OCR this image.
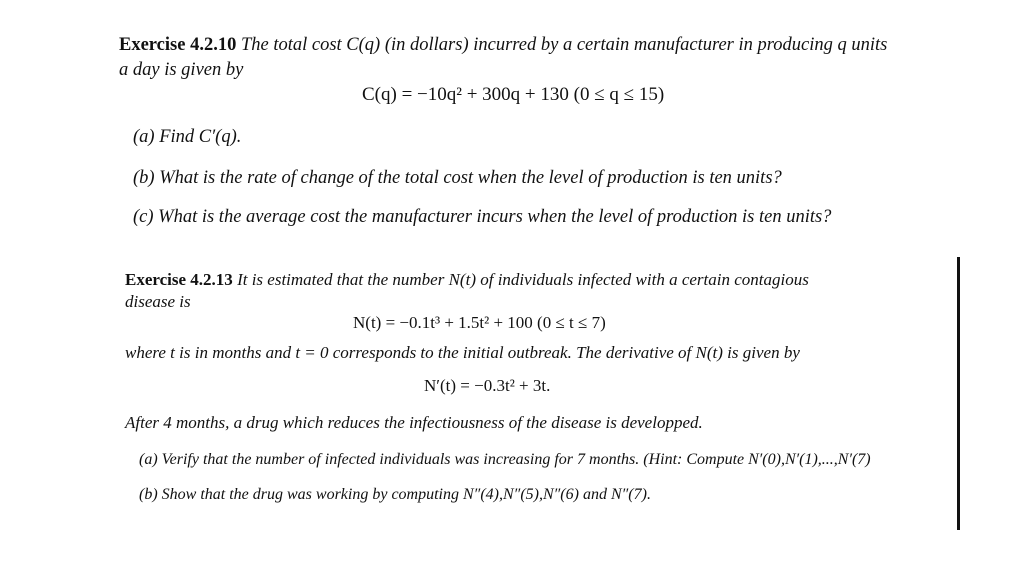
Exercise 4.2.10 The total cost C(q) (in dollars) incurred by a certain manufacturer in producing q units
a day is given by
C(q) = −10q² + 300q + 130 (0 ≤ q ≤ 15)
(a) Find C′(q).
(b) What is the rate of change of the total cost when the level of production is ten units?
(c) What is the average cost the manufacturer incurs when the level of production is ten units?
Exercise 4.2.13 It is estimated that the number N(t) of individuals infected with a certain contagious
disease is
N(t) = −0.1t³ + 1.5t² + 100 (0 ≤ t ≤ 7)
where t is in months and t = 0 corresponds to the initial outbreak. The derivative of N(t) is given by
N′(t) = −0.3t² + 3t.
After 4 months, a drug which reduces the infectiousness of the disease is developped.
(a) Verify that the number of infected individuals was increasing for 7 months. (Hint: Compute N′(0),N′(1),...,N′(7)
(b) Show that the drug was working by computing N″(4),N″(5),N″(6) and N″(7).
